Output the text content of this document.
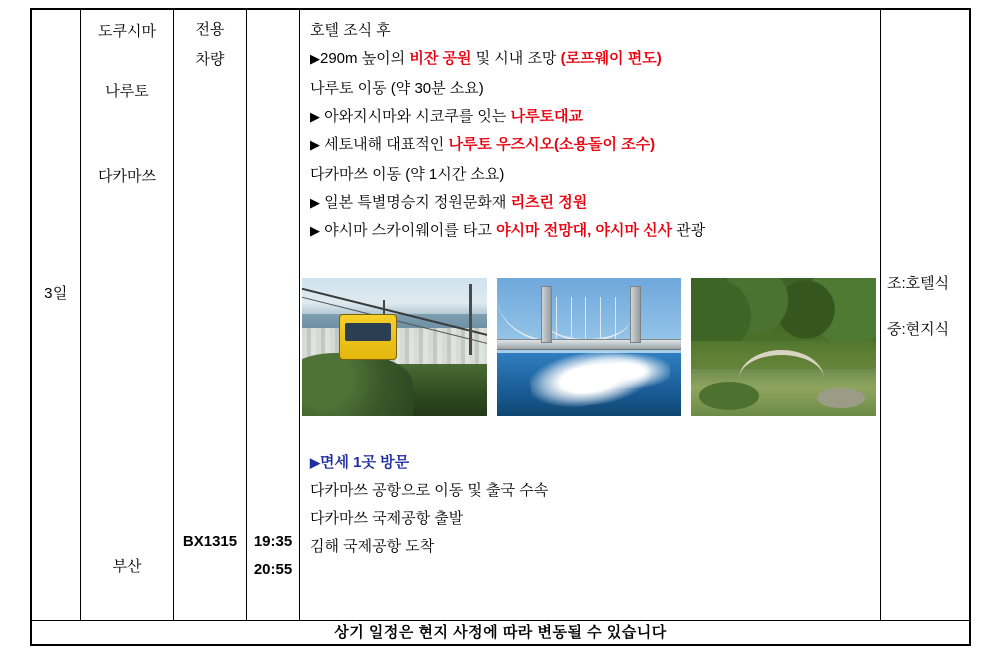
3일

도쿠시마
나루토
다카마쓰
부산

전용
차량
BX1315	19:35
20:55

호텔 조식 후
▶290m 높이의 비잔 공원 및 시내 조망 (로프웨이 편도)
나루토 이동 (약 30분 소요)
▶ 아와지시마와 시코쿠를 잇는 나루토대교
▶ 세토내해 대표적인 나루토 우즈시오(소용돌이 조수)
다카마쓰 이동 (약 1시간 소요)
▶ 일본 특별명승지 정원문화재 리츠린 정원
▶ 야시마 스카이웨이를 타고 야시마 전망대, 야시마 신사 관광
▶면세 1곳 방문
다카마쓰 공항으로 이동 및 출국 수속
다카마쓰 국제공항 출발
김해 국제공항 도착

조:호텔식
중:현지식

상기 일정은 현지 사정에 따라 변동될 수 있습니다
